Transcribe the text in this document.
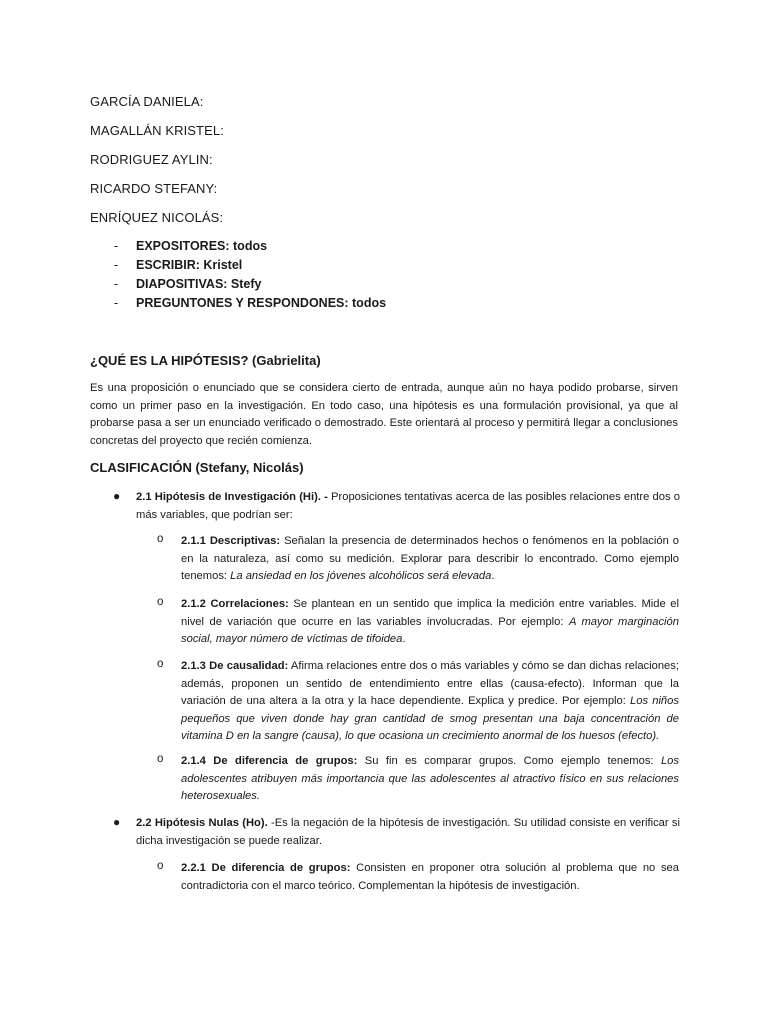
GARCÍA DANIELA:
MAGALLÁN KRISTEL:
RODRIGUEZ AYLIN:
RICARDO STEFANY:
ENRÍQUEZ NICOLÁS:
- EXPOSITORES: todos
- ESCRIBIR: Kristel
- DIAPOSITIVAS: Stefy
- PREGUNTONES Y RESPONDONES: todos
¿QUÉ ES LA HIPÓTESIS? (Gabrielita)
Es una proposición o enunciado que se considera cierto de entrada, aunque aún no haya podido probarse, sirven como un primer paso en la investigación. En todo caso, una hipótesis es una formulación provisional, ya que al probarse pasa a ser un enunciado verificado o demostrado. Este orientará al proceso y permitirá llegar a conclusiones concretas del proyecto que recién comienza.
CLASIFICACIÓN (Stefany, Nicolás)
● 2.1 Hipótesis de Investigación (Hi). - Proposiciones tentativas acerca de las posibles relaciones entre dos o más variables, que podrían ser:
o 2.1.1 Descriptivas: Señalan la presencia de determinados hechos o fenómenos en la población o en la naturaleza, así como su medición. Explorar para describir lo encontrado. Como ejemplo tenemos: La ansiedad en los jóvenes alcohólicos será elevada.
o 2.1.2 Correlaciones: Se plantean en un sentido que implica la medición entre variables. Mide el nivel de variación que ocurre en las variables involucradas. Por ejemplo: A mayor marginación social, mayor número de víctimas de tifoidea.
o 2.1.3 De causalidad: Afirma relaciones entre dos o más variables y cómo se dan dichas relaciones; además, proponen un sentido de entendimiento entre ellas (causa-efecto). Informan que la variación de una altera a la otra y la hace dependiente. Explica y predice. Por ejemplo: Los niños pequeños que viven donde hay gran cantidad de smog presentan una baja concentración de vitamina D en la sangre (causa), lo que ocasiona un crecimiento anormal de los huesos (efecto).
o 2.1.4 De diferencia de grupos: Su fin es comparar grupos. Como ejemplo tenemos: Los adolescentes atribuyen más importancia que las adolescentes al atractivo físico en sus relaciones heterosexuales.
● 2.2 Hipótesis Nulas (Ho). -Es la negación de la hipótesis de investigación. Su utilidad consiste en verificar si dicha investigación se puede realizar.
o 2.2.1 De diferencia de grupos: Consisten en proponer otra solución al problema que no sea contradictoria con el marco teórico. Complementan la hipótesis de investigación.
